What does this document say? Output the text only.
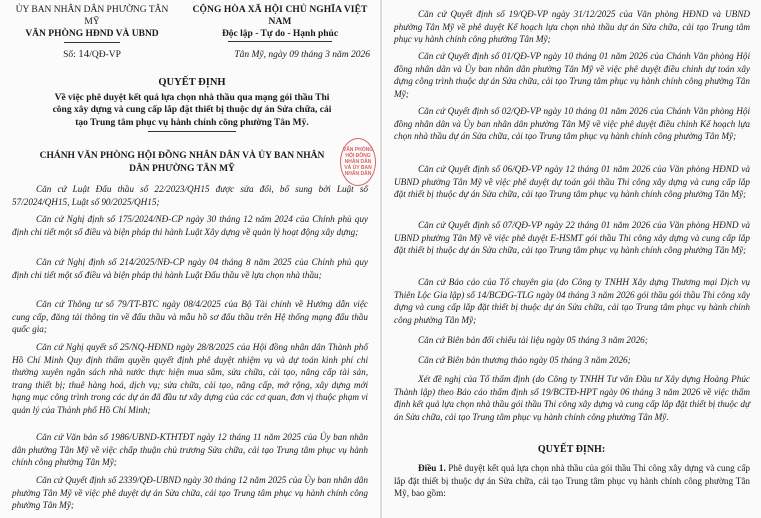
ỦY BAN NHÂN DÂN PHƯỜNG TÂN MỸ
VĂN PHÒNG HĐND VÀ UBND
Số: 14/QĐ-VP
CỘNG HÒA XÃ HỘI CHỦ NGHĨA VIỆT NAM
Độc lập - Tự do - Hạnh phúc
Tân Mỹ, ngày 09 tháng 3 năm 2026
QUYẾT ĐỊNH
Về việc phê duyệt kết quả lựa chọn nhà thầu qua mạng gói thầu Thi
công xây dựng và cung cấp lắp đặt thiết bị thuộc dự án Sửa chữa, cải
tạo Trung tâm phục vụ hành chính công phường Tân Mỹ.
CHÁNH VĂN PHÒNG HỘI ĐỒNG NHÂN DÂN VÀ ỦY BAN NHÂN
DÂN PHƯỜNG TÂN MỸ
VĂN PHÒNG HỘI ĐỒNG NHÂN DÂN VÀ ỦY BAN NHÂN DÂN

Căn cứ Luật Đấu thầu số 22/2023/QH15 được sửa đổi, bổ sung bởi Luật số 57/2024/QH15, Luật số 90/2025/QH15;

Căn cứ Nghị định số 175/2024/NĐ-CP ngày 30 tháng 12 năm 2024 của Chính phủ quy định chi tiết một số điều và biện pháp thi hành Luật Xây dựng về quản lý hoạt động xây dựng;

Căn cứ Nghị định số 214/2025/NĐ-CP ngày 04 tháng 8 năm 2025 của Chính phủ quy định chi tiết một số điều và biện pháp thi hành Luật Đấu thầu về lựa chọn nhà thầu;

Căn cứ Thông tư số 79/TT-BTC ngày 08/4/2025 của Bộ Tài chính về Hướng dẫn việc cung cấp, đăng tải thông tin về đấu thầu và mẫu hồ sơ đấu thầu trên Hệ thống mạng đấu thầu quốc gia;

Căn cứ Nghị quyết số 25/NQ-HĐND ngày 28/8/2025 của Hội đồng nhân dân Thành phố Hồ Chí Minh Quy định thẩm quyền quyết định phê duyệt nhiệm vụ và dự toán kinh phí chi thường xuyên ngân sách nhà nước thực hiện mua sắm, sửa chữa, cải tạo, nâng cấp tài sản, trang thiết bị; thuê hàng hoá, dịch vụ; sửa chữa, cải tạo, nâng cấp, mở rộng, xây dựng mới hạng mục công trình trong các dự án đã đầu tư xây dựng của các cơ quan, đơn vị thuộc phạm vi quản lý của Thành phố Hồ Chí Minh;

Căn cứ Văn bản số 1986/UBND-KTHTĐT ngày 12 tháng 11 năm 2025 của Ủy ban nhân dân phường Tân Mỹ về việc chấp thuận chủ trương Sửa chữa, cải tạo Trung tâm phục vụ hành chính công phường Tân Mỹ;

Căn cứ Quyết định số 2339/QĐ-UBND ngày 30 tháng 12 năm 2025 của Ủy ban nhân dân phường Tân Mỹ về việc phê duyệt dự án Sửa chữa, cải tạo Trung tâm phục vụ hành chính công phường Tân Mỹ;

Căn cứ Quyết định số 19/QĐ-VP ngày 31/12/2025 của Văn phòng HĐND và UBND phường Tân Mỹ về phê duyệt Kế hoạch lựa chọn nhà thầu dự án Sửa chữa, cải tạo Trung tâm phục vụ hành chính công phường Tân Mỹ;

Căn cứ Quyết định số 01/QĐ-VP ngày 10 tháng 01 năm 2026 của Chánh Văn phòng Hội đồng nhân dân và Ủy ban nhân dân phường Tân Mỹ về việc phê duyệt điều chỉnh dự toán xây dựng công trình thuộc dự án Sửa chữa, cải tạo Trung tâm phục vụ hành chính công phường Tân Mỹ;

Căn cứ Quyết định số 02/QĐ-VP ngày 10 tháng 01 năm 2026 của Chánh Văn phòng Hội đồng nhân dân và Ủy ban nhân dân phường Tân Mỹ về việc phê duyệt điều chỉnh Kế hoạch lựa chọn nhà thầu dự án Sửa chữa, cải tạo Trung tâm phục vụ hành chính công phường Tân Mỹ;

Căn cứ Quyết định số 06/QĐ-VP ngày 12 tháng 01 năm 2026 của Văn phòng HĐND và UBND phường Tân Mỹ về việc phê duyệt dự toán gói thầu Thi công xây dựng và cung cấp lắp đặt thiết bị thuộc dự án Sửa chữa, cải tạo Trung tâm phục vụ hành chính công phường Tân Mỹ;

Căn cứ Quyết định số 07/QĐ-VP ngày 22 tháng 01 năm 2026 của Văn phòng HĐND và UBND phường Tân Mỹ về việc phê duyệt E-HSMT gói thầu Thi công xây dựng và cung cấp lắp đặt thiết bị thuộc dự án Sửa chữa, cải tạo Trung tâm phục vụ hành chính công phường Tân Mỹ;

Căn cứ Báo cáo của Tổ chuyên gia (do Công ty TNHH Xây dựng Thương mại Dịch vụ Thiên Lộc Gia lập) số 14/BCĐG-TLG ngày 04 tháng 3 năm 2026 gói thầu gói thầu Thi công xây dựng và cung cấp lắp đặt thiết bị thuộc dự án Sửa chữa, cải tạo Trung tâm phục vụ hành chính công phường Tân Mỹ;

Căn cứ Biên bản đối chiếu tài liệu ngày 05 tháng 3 năm 2026;

Căn cứ Biên bản thương thảo ngày 05 tháng 3 năm 2026;

Xét đề nghị của Tổ thẩm định (do Công ty TNHH Tư vấn Đầu tư Xây dựng Hoàng Phúc Thành lập) theo Báo cáo thẩm định số 19/BCTĐ-HPT ngày 06 tháng 3 năm 2026 về việc thẩm định kết quả lựa chọn nhà thầu gói thầu Thi công xây dựng và cung cấp lắp đặt thiết bị thuộc dự án Sửa chữa, cải tạo Trung tâm phục vụ hành chính công phường Tân Mỹ.

QUYẾT ĐỊNH:

Điều 1. Phê duyệt kết quả lựa chọn nhà thầu của gói thầu Thi công xây dựng và cung cấp lắp đặt thiết bị thuộc dự án Sửa chữa, cải tạo Trung tâm phục vụ hành chính công phường Tân Mỹ, bao gồm:
